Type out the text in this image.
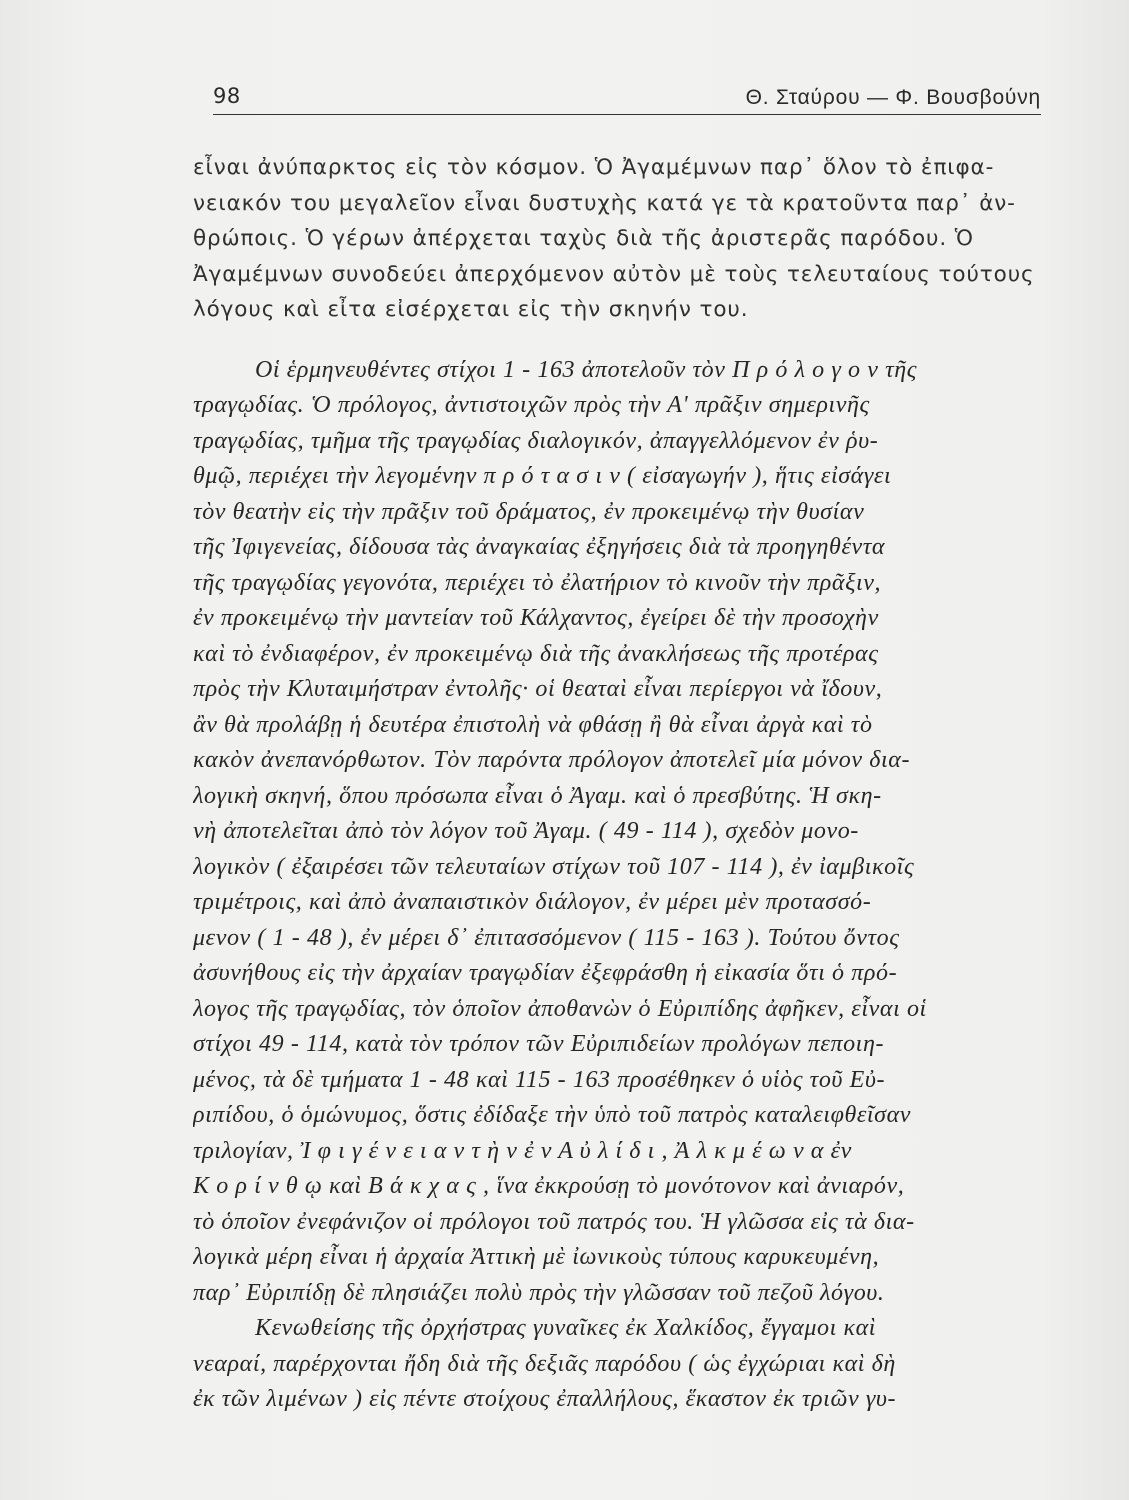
98	Θ. Σταύρου — Φ. Βουσβούνη
εἶναι ἀνύπαρκτος εἰς τὸν κόσμον. Ὁ Ἀγαμέμνων παρ᾽ ὅλον τὸ ἐπιφα-
νειακόν του μεγαλεῖον εἶναι δυστυχὴς κατά γε τὰ κρατοῦντα παρ᾽ ἀν-
θρώποις. Ὁ γέρων ἀπέρχεται ταχὺς διὰ τῆς ἀριστερᾶς παρόδου. Ὁ
Ἀγαμέμνων συνοδεύει ἀπερχόμενον αὐτὸν μὲ τοὺς τελευταίους τούτους
λόγους καὶ εἶτα εἰσέρχεται εἰς τὴν σκηνήν του.
Οἱ ἑρμηνευθέντες στίχοι 1 - 163 ἀποτελοῦν τὸν Π ρ ό λ ο γ ο ν τῆς
τραγῳδίας. Ὁ πρόλογος, ἀντιστοιχῶν πρὸς τὴν Α' πρᾶξιν σημερινῆς
τραγῳδίας, τμῆμα τῆς τραγῳδίας διαλογικόν, ἀπαγγελλόμενον ἐν ῥυ-
θμῷ, περιέχει τὴν λεγομένην π ρ ό τ α σ ι ν ( εἰσαγωγήν ), ἥτις εἰσάγει
τὸν θεατὴν εἰς τὴν πρᾶξιν τοῦ δράματος, ἐν προκειμένῳ τὴν θυσίαν
τῆς Ἰφιγενείας, δίδουσα τὰς ἀναγκαίας ἐξηγήσεις διὰ τὰ προηγηθέντα
τῆς τραγῳδίας γεγονότα, περιέχει τὸ ἐλατήριον τὸ κινοῦν τὴν πρᾶξιν,
ἐν προκειμένῳ τὴν μαντείαν τοῦ Κάλχαντος, ἐγείρει δὲ τὴν προσοχὴν
καὶ τὸ ἐνδιαφέρον, ἐν προκειμένῳ διὰ τῆς ἀνακλήσεως τῆς προτέρας
πρὸς τὴν Κλυταιμήστραν ἐντολῆς· οἱ θεαταὶ εἶναι περίεργοι νὰ ἴδουν,
ἂν θὰ προλάβῃ ἡ δευτέρα ἐπιστολὴ νὰ φθάσῃ ἢ θὰ εἶναι ἀργὰ καὶ τὸ
κακὸν ἀνεπανόρθωτον. Τὸν παρόντα πρόλογον ἀποτελεῖ μία μόνον δια-
λογικὴ σκηνή, ὅπου πρόσωπα εἶναι ὁ Ἀγαμ. καὶ ὁ πρεσβύτης. Ἡ σκη-
νὴ ἀποτελεῖται ἀπὸ τὸν λόγον τοῦ Ἀγαμ. ( 49 - 114 ), σχεδὸν μονο-
λογικὸν ( ἐξαιρέσει τῶν τελευταίων στίχων τοῦ 107 - 114 ), ἐν ἰαμβικοῖς
τριμέτροις, καὶ ἀπὸ ἀναπαιστικὸν διάλογον, ἐν μέρει μὲν προτασσό-
μενον ( 1 - 48 ), ἐν μέρει δ᾽ ἐπιτασσόμενον ( 115 - 163 ). Τούτου ὄντος
ἀσυνήθους εἰς τὴν ἀρχαίαν τραγῳδίαν ἐξεφράσθη ἡ εἰκασία ὅτι ὁ πρό-
λογος τῆς τραγῳδίας, τὸν ὁποῖον ἀποθανὼν ὁ Εὐριπίδης ἀφῆκεν, εἶναι οἱ
στίχοι 49 - 114, κατὰ τὸν τρόπον τῶν Εὐριπιδείων προλόγων πεποιη-
μένος, τὰ δὲ τμήματα 1 - 48 καὶ 115 - 163 προσέθηκεν ὁ υἱὸς τοῦ Εὐ-
ριπίδου, ὁ ὁμώνυμος, ὅστις ἐδίδαξε τὴν ὑπὸ τοῦ πατρὸς καταλειφθεῖσαν
τριλογίαν, Ἰ φ ι γ έ ν ε ι α ν τ ὴ ν ἐ ν Α ὐ λ ί δ ι , Ἀ λ κ μ έ ω ν α ἐν
Κ ο ρ ί ν θ ῳ καὶ Β ά κ χ α ς , ἵνα ἐκκρούσῃ τὸ μονότονον καὶ ἀνιαρόν,
τὸ ὁποῖον ἐνεφάνιζον οἱ πρόλογοι τοῦ πατρός του. Ἡ γλῶσσα εἰς τὰ δια-
λογικὰ μέρη εἶναι ἡ ἀρχαία Ἀττικὴ μὲ ἰωνικοὺς τύπους καρυκευμένη,
παρ᾽ Εὐριπίδῃ δὲ πλησιάζει πολὺ πρὸς τὴν γλῶσσαν τοῦ πεζοῦ λόγου.
Κενωθείσης τῆς ὀρχήστρας γυναῖκες ἐκ Χαλκίδος, ἔγγαμοι καὶ
νεαραί, παρέρχονται ἤδη διὰ τῆς δεξιᾶς παρόδου ( ὡς ἐγχώριαι καὶ δὴ
ἐκ τῶν λιμένων ) εἰς πέντε στοίχους ἐπαλλήλους, ἕκαστον ἐκ τριῶν γυ-
